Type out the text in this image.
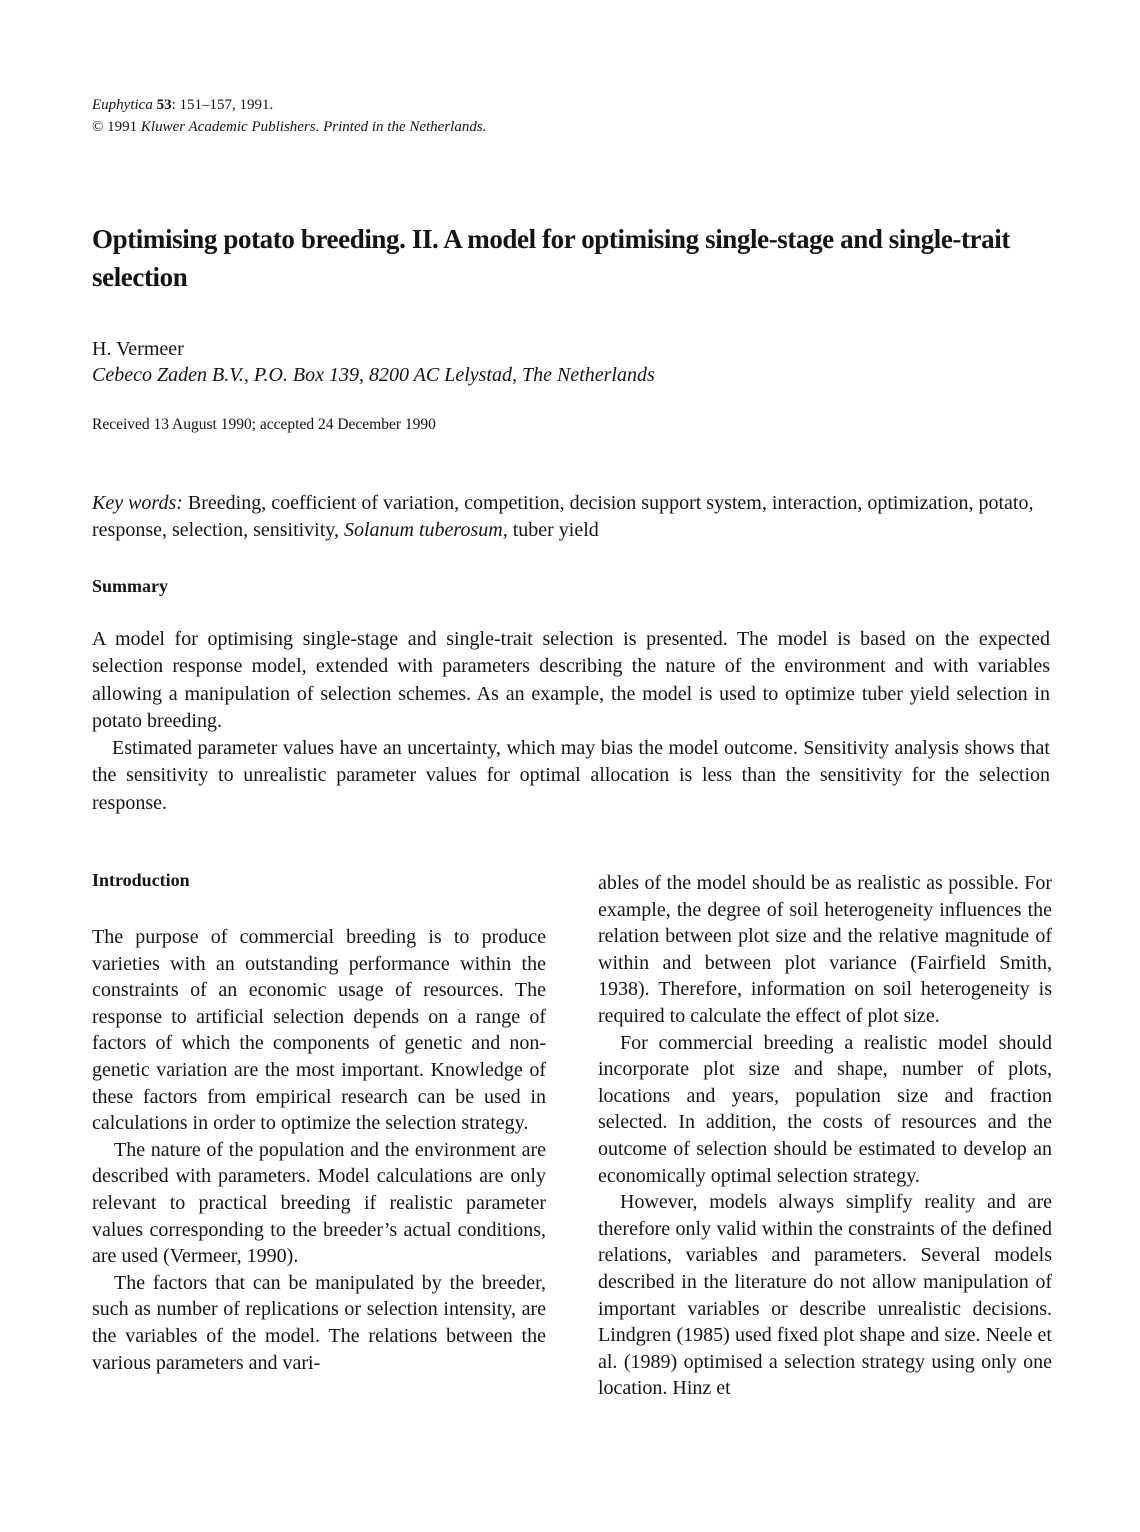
Euphytica 53: 151–157, 1991.
© 1991 Kluwer Academic Publishers. Printed in the Netherlands.
Optimising potato breeding. II. A model for optimising single-stage and single-trait selection
H. Vermeer
Cebeco Zaden B.V., P.O. Box 139, 8200 AC Lelystad, The Netherlands
Received 13 August 1990; accepted 24 December 1990
Key words: Breeding, coefficient of variation, competition, decision support system, interaction, optimization, potato, response, selection, sensitivity, Solanum tuberosum, tuber yield
Summary

A model for optimising single-stage and single-trait selection is presented. The model is based on the expected selection response model, extended with parameters describing the nature of the environment and with variables allowing a manipulation of selection schemes. As an example, the model is used to optimize tuber yield selection in potato breeding.

Estimated parameter values have an uncertainty, which may bias the model outcome. Sensitivity analysis shows that the sensitivity to unrealistic parameter values for optimal allocation is less than the sensitivity for the selection response.

Introduction

The purpose of commercial breeding is to produce varieties with an outstanding performance within the constraints of an economic usage of resources. The response to artificial selection depends on a range of factors of which the components of genetic and non-genetic variation are the most important. Knowledge of these factors from empirical research can be used in calculations in order to optimize the selection strategy.

The nature of the population and the environment are described with parameters. Model calculations are only relevant to practical breeding if realistic parameter values corresponding to the breeder’s actual conditions, are used (Vermeer, 1990).

The factors that can be manipulated by the breeder, such as number of replications or selection intensity, are the variables of the model. The relations between the various parameters and vari-

ables of the model should be as realistic as possible. For example, the degree of soil heterogeneity influences the relation between plot size and the relative magnitude of within and between plot variance (Fairfield Smith, 1938). Therefore, information on soil heterogeneity is required to calculate the effect of plot size.

For commercial breeding a realistic model should incorporate plot size and shape, number of plots, locations and years, population size and fraction selected. In addition, the costs of resources and the outcome of selection should be estimated to develop an economically optimal selection strategy.

However, models always simplify reality and are therefore only valid within the constraints of the defined relations, variables and parameters. Several models described in the literature do not allow manipulation of important variables or describe unrealistic decisions. Lindgren (1985) used fixed plot shape and size. Neele et al. (1989) optimised a selection strategy using only one location. Hinz et
